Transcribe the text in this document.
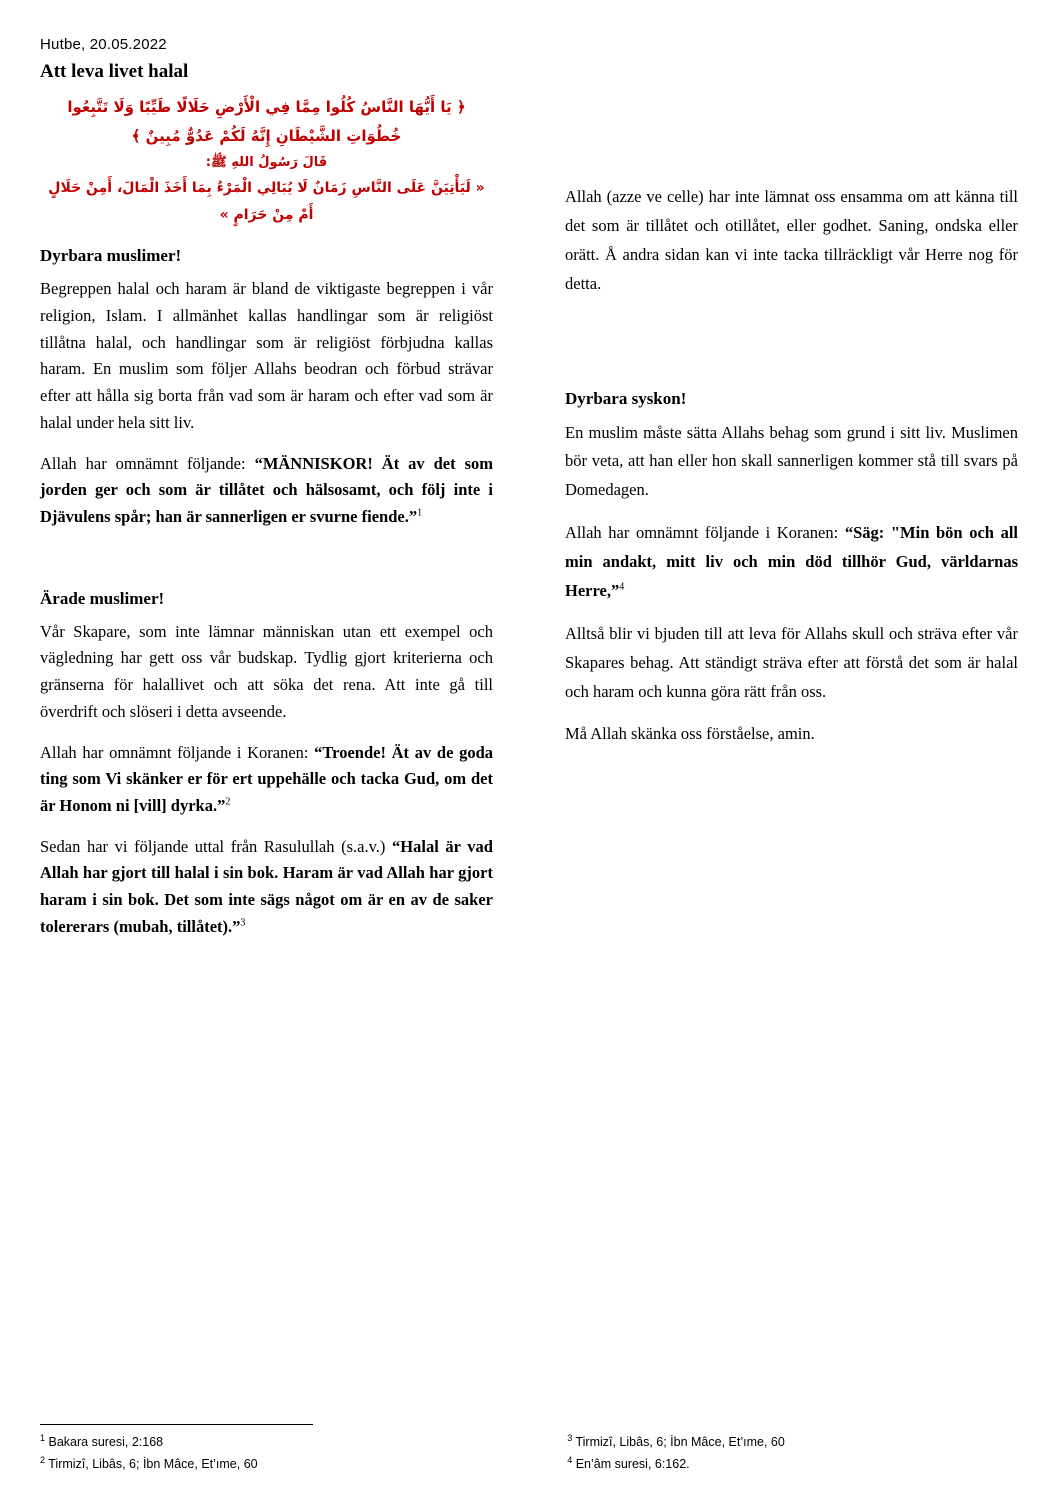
Hutbe, 20.05.2022
Att leva livet halal
﴿ يَا أَيُّهَا النَّاسُ كُلُوا مِمَّا فِي الْأَرْضِ حَلَالًا طَيِّبًا وَلَا تَتَّبِعُوا خُطُوَاتِ الشَّيْطَانِ إِنَّهُ لَكُمْ عَدُوٌّ مُبِينٌ ﴾
قَالَ رَسُولُ اللهِ ﷺ:
« لَيَأْتِيَنَّ عَلَى النَّاسِ زَمَانٌ لَا يُبَالِي الْمَرْءُ بِمَا أَخَذَ الْمَالَ، أَمِنْ حَلَالٍ أَمْ مِنْ حَرَامٍ »
Dyrbara muslimer!

Begreppen halal och haram är bland de viktigaste begreppen i vår religion, Islam. I allmänhet kallas handlingar som är religiöst tillåtna halal, och handlingar som är religiöst förbjudna kallas haram. En muslim som följer Allahs beodran och förbud strävar efter att hålla sig borta från vad som är haram och efter vad som är halal under hela sitt liv.

Allah har omnämnt följande: “MÄNNISKOR! Ät av det som jorden ger och som är tillåtet och hälsosamt, och följ inte i Djävulens spår; han är sannerligen er svurne fiende.”$^1$

Ärade muslimer!

Vår Skapare, som inte lämnar människan utan ett exempel och vägledning har gett oss vår budskap. Tydlig gjort kriterierna och gränserna för halallivet och att söka det rena. Att inte gå till överdrift och slöseri i detta avseende.

Allah har omnämnt följande i Koranen: “Troende! Ät av de goda ting som Vi skänker er för ert uppehälle och tacka Gud, om det är Honom ni [vill] dyrka.”$^2$

Sedan har vi följande uttal från Rasulullah (s.a.v.) “Halal är vad Allah har gjort till halal i sin bok. Haram är vad Allah har gjort haram i sin bok. Det som inte sägs något om är en av de saker tolererars (mubah, tillåtet).”$^3$

Allah (azze ve celle) har inte lämnat oss ensamma om att känna till det som är tillåtet och otillåtet, eller godhet. Saning, ondska eller orätt. Å andra sidan kan vi inte tacka tillräckligt vår Herre nog för detta.

Dyrbara syskon!

En muslim måste sätta Allahs behag som grund i sitt liv. Muslimen bör veta, att han eller hon skall sannerligen kommer stå till svars på Domedagen.

Allah har omnämnt följande i Koranen: “Säg: "Min bön och all min andakt, mitt liv och min död tillhör Gud, världarnas Herre,”$^4$

Alltså blir vi bjuden till att leva för Allahs skull och sträva efter vår Skapares behag. Att ständigt sträva efter att förstå det som är halal och haram och kunna göra rätt från oss.

Må Allah skänka oss förståelse, amin.

$^1$ Bakara suresi, 2:168

$^2$ Tirmizî, Libâs, 6; İbn Mâce, Et’ıme, 60

$^3$ Tirmizî, Libâs, 6; İbn Mâce, Et’ıme, 60

$^4$ En’âm suresi, 6:162.
